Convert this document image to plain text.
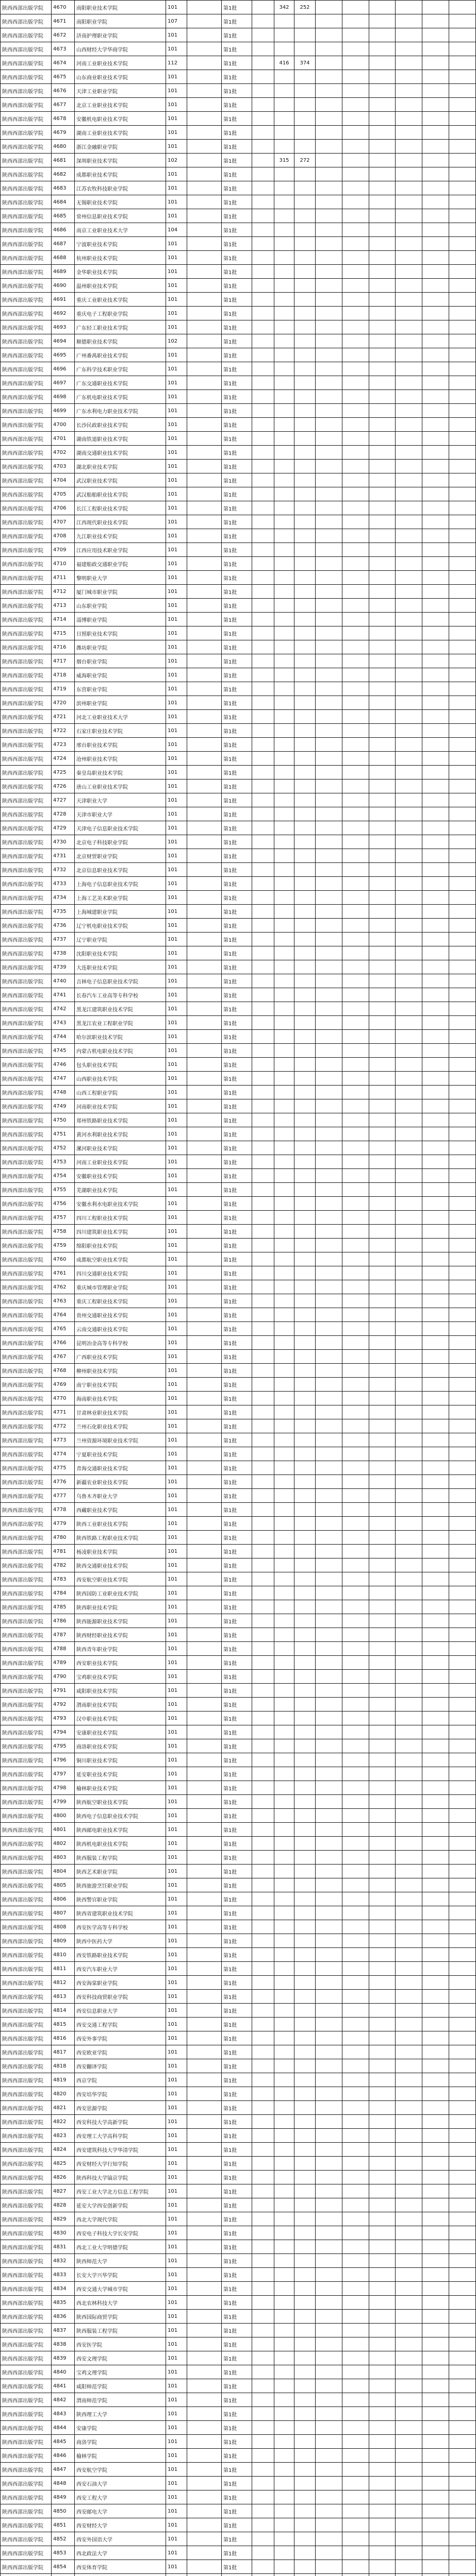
陕西西部出版学院	4670	南阳职业技术学院	101		第1批		342	252						
陕西西部出版学院	4671	南阳职业学院	107		第1批									
陕西西部出版学院	4672	济南护理职业学院	101		第1批									
陕西西部出版学院	4673	山西财经大学华商学院	101		第1批									
陕西西部出版学院	4674	河南工业职业技术学院	112		第1批		416	374						
陕西西部出版学院	4675	山东商业职业技术学院	101		第1批									
陕西西部出版学院	4676	天津工业职业学院	101		第1批									
陕西西部出版学院	4677	北京工业职业技术学院	101		第1批									
陕西西部出版学院	4678	安徽机电职业技术学院	101		第1批									
陕西西部出版学院	4679	湖南工业职业技术学院	101		第1批									
陕西西部出版学院	4680	浙江金融职业学院	101		第1批									
陕西西部出版学院	4681	深圳职业技术学院	102		第1批		315	272						
陕西西部出版学院	4682	成都职业技术学院	101		第1批									
陕西西部出版学院	4683	江苏农牧科技职业学院	101		第1批									
陕西西部出版学院	4684	无锡职业技术学院	101		第1批									
陕西西部出版学院	4685	常州信息职业技术学院	101		第1批									
陕西西部出版学院	4686	南京工业职业技术大学	104		第1批									
陕西西部出版学院	4687	宁波职业技术学院	101		第1批									
陕西西部出版学院	4688	杭州职业技术学院	101		第1批									
陕西西部出版学院	4689	金华职业技术学院	101		第1批									
陕西西部出版学院	4690	温州职业技术学院	101		第1批									
陕西西部出版学院	4691	重庆工业职业技术学院	101		第1批									
陕西西部出版学院	4692	重庆电子工程职业学院	101		第1批									
陕西西部出版学院	4693	广东轻工职业技术学院	101		第1批									
陕西西部出版学院	4694	顺德职业技术学院	102		第1批									
陕西西部出版学院	4695	广州番禺职业技术学院	101		第1批									
陕西西部出版学院	4696	广东科学技术职业学院	101		第1批									
陕西西部出版学院	4697	广东交通职业技术学院	101		第1批									
陕西西部出版学院	4698	广东机电职业技术学院	101		第1批									
陕西西部出版学院	4699	广东水利电力职业技术学院	101		第1批									
陕西西部出版学院	4700	长沙民政职业技术学院	101		第1批									
陕西西部出版学院	4701	湖南铁道职业技术学院	101		第1批									
陕西西部出版学院	4702	湖南交通职业技术学院	101		第1批									
陕西西部出版学院	4703	湖北职业技术学院	101		第1批									
陕西西部出版学院	4704	武汉职业技术学院	101		第1批									
陕西西部出版学院	4705	武汉船舶职业技术学院	101		第1批									
陕西西部出版学院	4706	长江工程职业技术学院	101		第1批									
陕西西部出版学院	4707	江西现代职业技术学院	101		第1批									
陕西西部出版学院	4708	九江职业技术学院	101		第1批									
陕西西部出版学院	4709	江西应用技术职业学院	101		第1批									
陕西西部出版学院	4710	福建船政交通职业学院	101		第1批									
陕西西部出版学院	4711	黎明职业大学	101		第1批									
陕西西部出版学院	4712	厦门城市职业学院	101		第1批									
陕西西部出版学院	4713	山东职业学院	101		第1批									
陕西西部出版学院	4714	淄博职业学院	101		第1批									
陕西西部出版学院	4715	日照职业技术学院	101		第1批									
陕西西部出版学院	4716	潍坊职业学院	101		第1批									
陕西西部出版学院	4717	烟台职业学院	101		第1批									
陕西西部出版学院	4718	威海职业学院	101		第1批									
陕西西部出版学院	4719	东营职业学院	101		第1批									
陕西西部出版学院	4720	滨州职业学院	101		第1批									
陕西西部出版学院	4721	河北工业职业技术大学	101		第1批									
陕西西部出版学院	4722	石家庄职业技术学院	101		第1批									
陕西西部出版学院	4723	邢台职业技术学院	101		第1批									
陕西西部出版学院	4724	沧州职业技术学院	101		第1批									
陕西西部出版学院	4725	秦皇岛职业技术学院	101		第1批									
陕西西部出版学院	4726	唐山工业职业技术学院	101		第1批									
陕西西部出版学院	4727	天津职业大学	101		第1批									
陕西西部出版学院	4728	天津市职业大学	101		第1批									
陕西西部出版学院	4729	天津电子信息职业技术学院	101		第1批									
陕西西部出版学院	4730	北京电子科技职业学院	101		第1批									
陕西西部出版学院	4731	北京财贸职业学院	101		第1批									
陕西西部出版学院	4732	北京信息职业技术学院	101		第1批									
陕西西部出版学院	4733	上海电子信息职业技术学院	101		第1批									
陕西西部出版学院	4734	上海工艺美术职业学院	101		第1批									
陕西西部出版学院	4735	上海城建职业学院	101		第1批									
陕西西部出版学院	4736	辽宁机电职业技术学院	101		第1批									
陕西西部出版学院	4737	辽宁职业学院	101		第1批									
陕西西部出版学院	4738	沈阳职业技术学院	101		第1批									
陕西西部出版学院	4739	大连职业技术学院	101		第1批									
陕西西部出版学院	4740	吉林电子信息职业技术学院	101		第1批									
陕西西部出版学院	4741	长春汽车工业高等专科学校	101		第1批									
陕西西部出版学院	4742	黑龙江建筑职业技术学院	101		第1批									
陕西西部出版学院	4743	黑龙江农业工程职业学院	101		第1批									
陕西西部出版学院	4744	哈尔滨职业技术学院	101		第1批									
陕西西部出版学院	4745	内蒙古机电职业技术学院	101		第1批									
陕西西部出版学院	4746	包头职业技术学院	101		第1批									
陕西西部出版学院	4747	山西职业技术学院	101		第1批									
陕西西部出版学院	4748	山西工程职业学院	101		第1批									
陕西西部出版学院	4749	河南职业技术学院	101		第1批									
陕西西部出版学院	4750	郑州铁路职业技术学院	101		第1批									
陕西西部出版学院	4751	黄河水利职业技术学院	101		第1批									
陕西西部出版学院	4752	漯河职业技术学院	101		第1批									
陕西西部出版学院	4753	河南工业职业技术学院	101		第1批									
陕西西部出版学院	4754	安徽职业技术学院	101		第1批									
陕西西部出版学院	4755	芜湖职业技术学院	101		第1批									
陕西西部出版学院	4756	安徽水利水电职业技术学院	101		第1批									
陕西西部出版学院	4757	四川工程职业技术学院	101		第1批									
陕西西部出版学院	4758	四川建筑职业技术学院	101		第1批									
陕西西部出版学院	4759	绵阳职业技术学院	101		第1批									
陕西西部出版学院	4760	成都航空职业技术学院	101		第1批									
陕西西部出版学院	4761	四川交通职业技术学院	101		第1批									
陕西西部出版学院	4762	重庆城市管理职业学院	101		第1批									
陕西西部出版学院	4763	重庆工程职业技术学院	101		第1批									
陕西西部出版学院	4764	贵州交通职业技术学院	101		第1批									
陕西西部出版学院	4765	云南交通职业技术学院	101		第1批									
陕西西部出版学院	4766	昆明冶金高等专科学校	101		第1批									
陕西西部出版学院	4767	广西职业技术学院	101		第1批									
陕西西部出版学院	4768	柳州职业技术学院	101		第1批									
陕西西部出版学院	4769	南宁职业技术学院	101		第1批									
陕西西部出版学院	4770	海南职业技术学院	101		第1批									
陕西西部出版学院	4771	甘肃林业职业技术学院	101		第1批									
陕西西部出版学院	4772	兰州石化职业技术学院	101		第1批									
陕西西部出版学院	4773	兰州资源环境职业技术学院	101		第1批									
陕西西部出版学院	4774	宁夏职业技术学院	101		第1批									
陕西西部出版学院	4775	青海交通职业技术学院	101		第1批									
陕西西部出版学院	4776	新疆农业职业技术学院	101		第1批									
陕西西部出版学院	4777	乌鲁木齐职业大学	101		第1批									
陕西西部出版学院	4778	西藏职业技术学院	101		第1批									
陕西西部出版学院	4779	陕西工业职业技术学院	101		第1批									
陕西西部出版学院	4780	陕西铁路工程职业技术学院	101		第1批									
陕西西部出版学院	4781	杨凌职业技术学院	101		第1批									
陕西西部出版学院	4782	陕西交通职业技术学院	101		第1批									
陕西西部出版学院	4783	西安航空职业技术学院	101		第1批									
陕西西部出版学院	4784	陕西国防工业职业技术学院	101		第1批									
陕西西部出版学院	4785	陕西职业技术学院	101		第1批									
陕西西部出版学院	4786	陕西能源职业技术学院	101		第1批									
陕西西部出版学院	4787	陕西财经职业技术学院	101		第1批									
陕西西部出版学院	4788	陕西青年职业学院	101		第1批									
陕西西部出版学院	4789	西安职业技术学院	101		第1批									
陕西西部出版学院	4790	宝鸡职业技术学院	101		第1批									
陕西西部出版学院	4791	咸阳职业技术学院	101		第1批									
陕西西部出版学院	4792	渭南职业技术学院	101		第1批									
陕西西部出版学院	4793	汉中职业技术学院	101		第1批									
陕西西部出版学院	4794	安康职业技术学院	101		第1批									
陕西西部出版学院	4795	商洛职业技术学院	101		第1批									
陕西西部出版学院	4796	铜川职业技术学院	101		第1批									
陕西西部出版学院	4797	延安职业技术学院	101		第1批									
陕西西部出版学院	4798	榆林职业技术学院	101		第1批									
陕西西部出版学院	4799	陕西航空职业技术学院	101		第1批									
陕西西部出版学院	4800	陕西电子信息职业技术学院	101		第1批									
陕西西部出版学院	4801	陕西邮电职业技术学院	101		第1批									
陕西西部出版学院	4802	陕西机电职业技术学院	101		第1批									
陕西西部出版学院	4803	陕西服装工程学院	101		第1批									
陕西西部出版学院	4804	陕西艺术职业学院	101		第1批									
陕西西部出版学院	4805	陕西旅游烹饪职业学院	101		第1批									
陕西西部出版学院	4806	陕西警官职业学院	101		第1批									
陕西西部出版学院	4807	陕西省建筑职业技术学院	101		第1批									
陕西西部出版学院	4808	西安医学高等专科学校	101		第1批									
陕西西部出版学院	4809	陕西中医药大学	101		第1批									
陕西西部出版学院	4810	西安铁路职业技术学院	101		第1批									
陕西西部出版学院	4811	西安汽车职业大学	101		第1批									
陕西西部出版学院	4812	西安海棠职业学院	101		第1批									
陕西西部出版学院	4813	西安科技商贸职业学院	101		第1批									
陕西西部出版学院	4814	西安信息职业大学	101		第1批									
陕西西部出版学院	4815	西安交通工程学院	101		第1批									
陕西西部出版学院	4816	西安外事学院	101		第1批									
陕西西部出版学院	4817	西安欧亚学院	101		第1批									
陕西西部出版学院	4818	西安翻译学院	101		第1批									
陕西西部出版学院	4819	西京学院	101		第1批									
陕西西部出版学院	4820	西安培华学院	101		第1批									
陕西西部出版学院	4821	西安思源学院	101		第1批									
陕西西部出版学院	4822	西安科技大学高新学院	101		第1批									
陕西西部出版学院	4823	西安理工大学高科学院	101		第1批									
陕西西部出版学院	4824	西安建筑科技大学华清学院	101		第1批									
陕西西部出版学院	4825	西安财经大学行知学院	101		第1批									
陕西西部出版学院	4826	陕西科技大学镐京学院	101		第1批									
陕西西部出版学院	4827	西安工业大学北方信息工程学院	101		第1批									
陕西西部出版学院	4828	延安大学西安创新学院	101		第1批									
陕西西部出版学院	4829	西北大学现代学院	101		第1批									
陕西西部出版学院	4830	西安电子科技大学长安学院	101		第1批									
陕西西部出版学院	4831	西北工业大学明德学院	101		第1批									
陕西西部出版学院	4832	陕西师范大学	101		第1批									
陕西西部出版学院	4833	长安大学兴华学院	101		第1批									
陕西西部出版学院	4834	西安交通大学城市学院	101		第1批									
陕西西部出版学院	4835	西北农林科技大学	101		第1批									
陕西西部出版学院	4836	陕西国际商贸学院	101		第1批									
陕西西部出版学院	4837	陕西服装工程学院	101		第1批									
陕西西部出版学院	4838	西安医学院	101		第1批									
陕西西部出版学院	4839	西安文理学院	101		第1批									
陕西西部出版学院	4840	宝鸡文理学院	101		第1批									
陕西西部出版学院	4841	咸阳师范学院	101		第1批									
陕西西部出版学院	4842	渭南师范学院	101		第1批									
陕西西部出版学院	4843	陕西理工大学	101		第1批									
陕西西部出版学院	4844	安康学院	101		第1批									
陕西西部出版学院	4845	商洛学院	101		第1批									
陕西西部出版学院	4846	榆林学院	101		第1批									
陕西西部出版学院	4847	西安航空学院	101		第1批									
陕西西部出版学院	4848	西安石油大学	101		第1批									
陕西西部出版学院	4849	西安工程大学	101		第1批									
陕西西部出版学院	4850	西安邮电大学	101		第1批									
陕西西部出版学院	4851	西安财经大学	101		第1批									
陕西西部出版学院	4852	西安外国语大学	101		第1批									
陕西西部出版学院	4853	西北政法大学	101		第1批									
陕西西部出版学院	4854	西安体育学院	101		第1批									
